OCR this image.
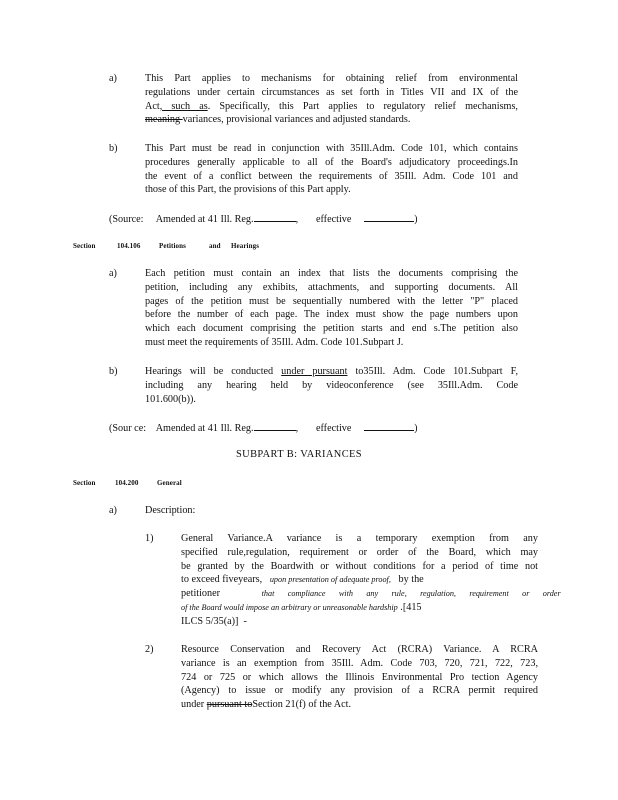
a)	This Part applies to mechanisms for obtaining relief from environmental
regulations under certain circumstances as set forth in Titles VII and IX of the
Act, such as. Specifically, this Part applies to regulatory relief mechanisms,
meaning variances, provisional variances and adjusted standards.
b)	This Part must be read in conjunction with 35Ill.Adm. Code 101, which contains
procedures generally applicable to all of the Board's adjudicatory proceedings.In
the event of a conflict between the requirements of 35Ill. Adm. Code 101 and
those of this Part, the provisions of this Part apply.
(Source: Amended at 41 Ill. Reg.	,       effective	)
Section	104.106	Petitions	and Hearings
a)	Each petition must contain an index that lists the documents comprising the
petition, including any exhibits, attachments, and supporting documents. All
pages of the petition must be sequentially numbered with the letter "P" placed
before the number of each page. The index must show the page numbers upon
which each document comprising the petition starts and end s.The petition also
must meet the requirements of 35Ill. Adm. Code 101.Subpart J.
b)	Hearings will be conducted under pursuant to35Ill. Adm. Code 101.Subpart F,
including any hearing held by videoconference (see 35Ill.Adm. Code
101.600(b)).
(Sour ce: Amended at 41 Ill. Reg.	,       effective	)
SUBPART B: VARIANCES
Section	104.200	General
a)	Description:
1)	General Variance.A variance is a temporary exemption from any
specified rule,regulation, requirement or order of the Board, which may
be granted by the Boardwith or without conditions for a period of time not
to exceed fiveyears, upon presentation of adequate proof, by the
petitioner	that compliance with any rule, regulation, requirement or order
of the Board would impose an arbitrary or unreasonable hardship .[415
ILCS 5/35(a)] -
2)	Resource Conservation and Recovery Act (RCRA) Variance. A RCRA
variance is an exemption from 35Ill. Adm. Code 703, 720, 721, 722, 723,
724 or 725 or which allows the Illinois Environmental Pro tection Agency
(Agency) to issue or modify any provision of a RCRA permit required
under pursuant toSection 21(f) of the Act.
